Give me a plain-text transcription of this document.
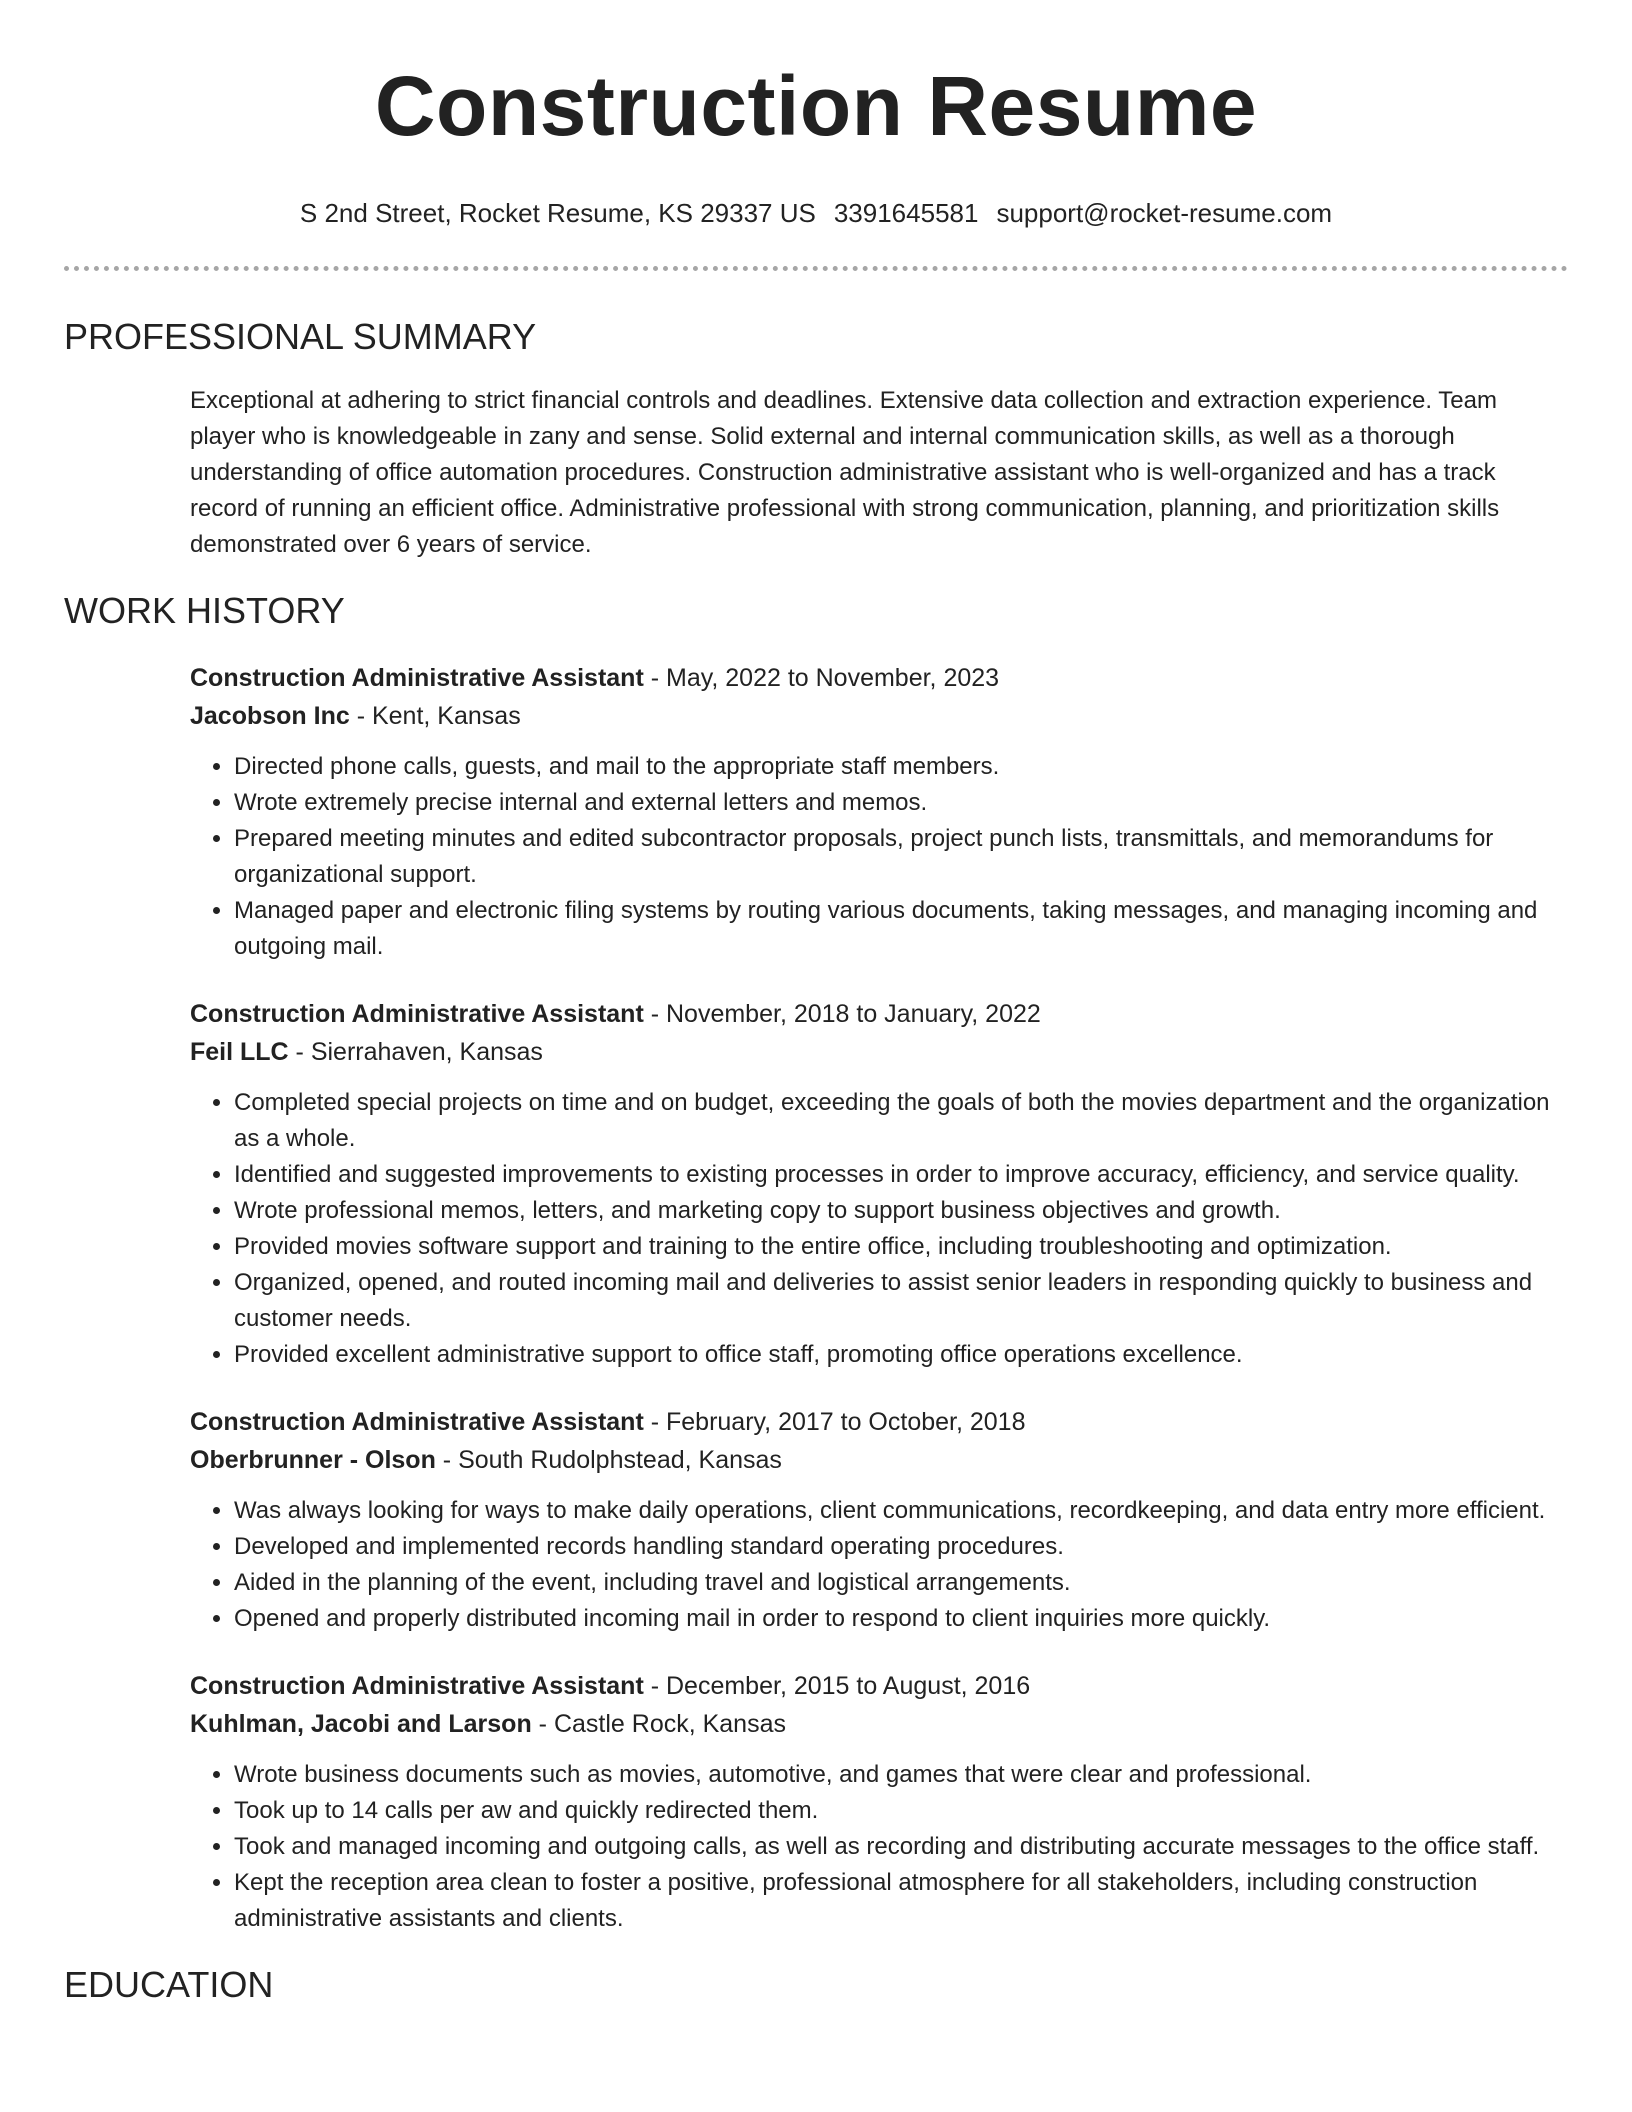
Construction Resume
S 2nd Street, Rocket Resume, KS 29337 US 3391645581 support@rocket-resume.com
PROFESSIONAL SUMMARY

Exceptional at adhering to strict financial controls and deadlines. Extensive data collection and extraction experience. Team player who is knowledgeable in zany and sense. Solid external and internal communication skills, as well as a thorough understanding of office automation procedures. Construction administrative assistant who is well-organized and has a track record of running an efficient office. Administrative professional with strong communication, planning, and prioritization skills demonstrated over 6 years of service.

WORK HISTORY
Construction Administrative Assistant - May, 2022 to November, 2023
Jacobson Inc - Kent, Kansas
• Directed phone calls, guests, and mail to the appropriate staff members.
• Wrote extremely precise internal and external letters and memos.
• Prepared meeting minutes and edited subcontractor proposals, project punch lists, transmittals, and memorandums for organizational support.
• Managed paper and electronic filing systems by routing various documents, taking messages, and managing incoming and outgoing mail.
Construction Administrative Assistant - November, 2018 to January, 2022
Feil LLC - Sierrahaven, Kansas
• Completed special projects on time and on budget, exceeding the goals of both the movies department and the organization as a whole.
• Identified and suggested improvements to existing processes in order to improve accuracy, efficiency, and service quality.
• Wrote professional memos, letters, and marketing copy to support business objectives and growth.
• Provided movies software support and training to the entire office, including troubleshooting and optimization.
• Organized, opened, and routed incoming mail and deliveries to assist senior leaders in responding quickly to business and customer needs.
• Provided excellent administrative support to office staff, promoting office operations excellence.
Construction Administrative Assistant - February, 2017 to October, 2018
Oberbrunner - Olson - South Rudolphstead, Kansas
• Was always looking for ways to make daily operations, client communications, recordkeeping, and data entry more efficient.
• Developed and implemented records handling standard operating procedures.
• Aided in the planning of the event, including travel and logistical arrangements.
• Opened and properly distributed incoming mail in order to respond to client inquiries more quickly.
Construction Administrative Assistant - December, 2015 to August, 2016
Kuhlman, Jacobi and Larson - Castle Rock, Kansas
• Wrote business documents such as movies, automotive, and games that were clear and professional.
• Took up to 14 calls per aw and quickly redirected them.
• Took and managed incoming and outgoing calls, as well as recording and distributing accurate messages to the office staff.
• Kept the reception area clean to foster a positive, professional atmosphere for all stakeholders, including construction administrative assistants and clients.
EDUCATION
